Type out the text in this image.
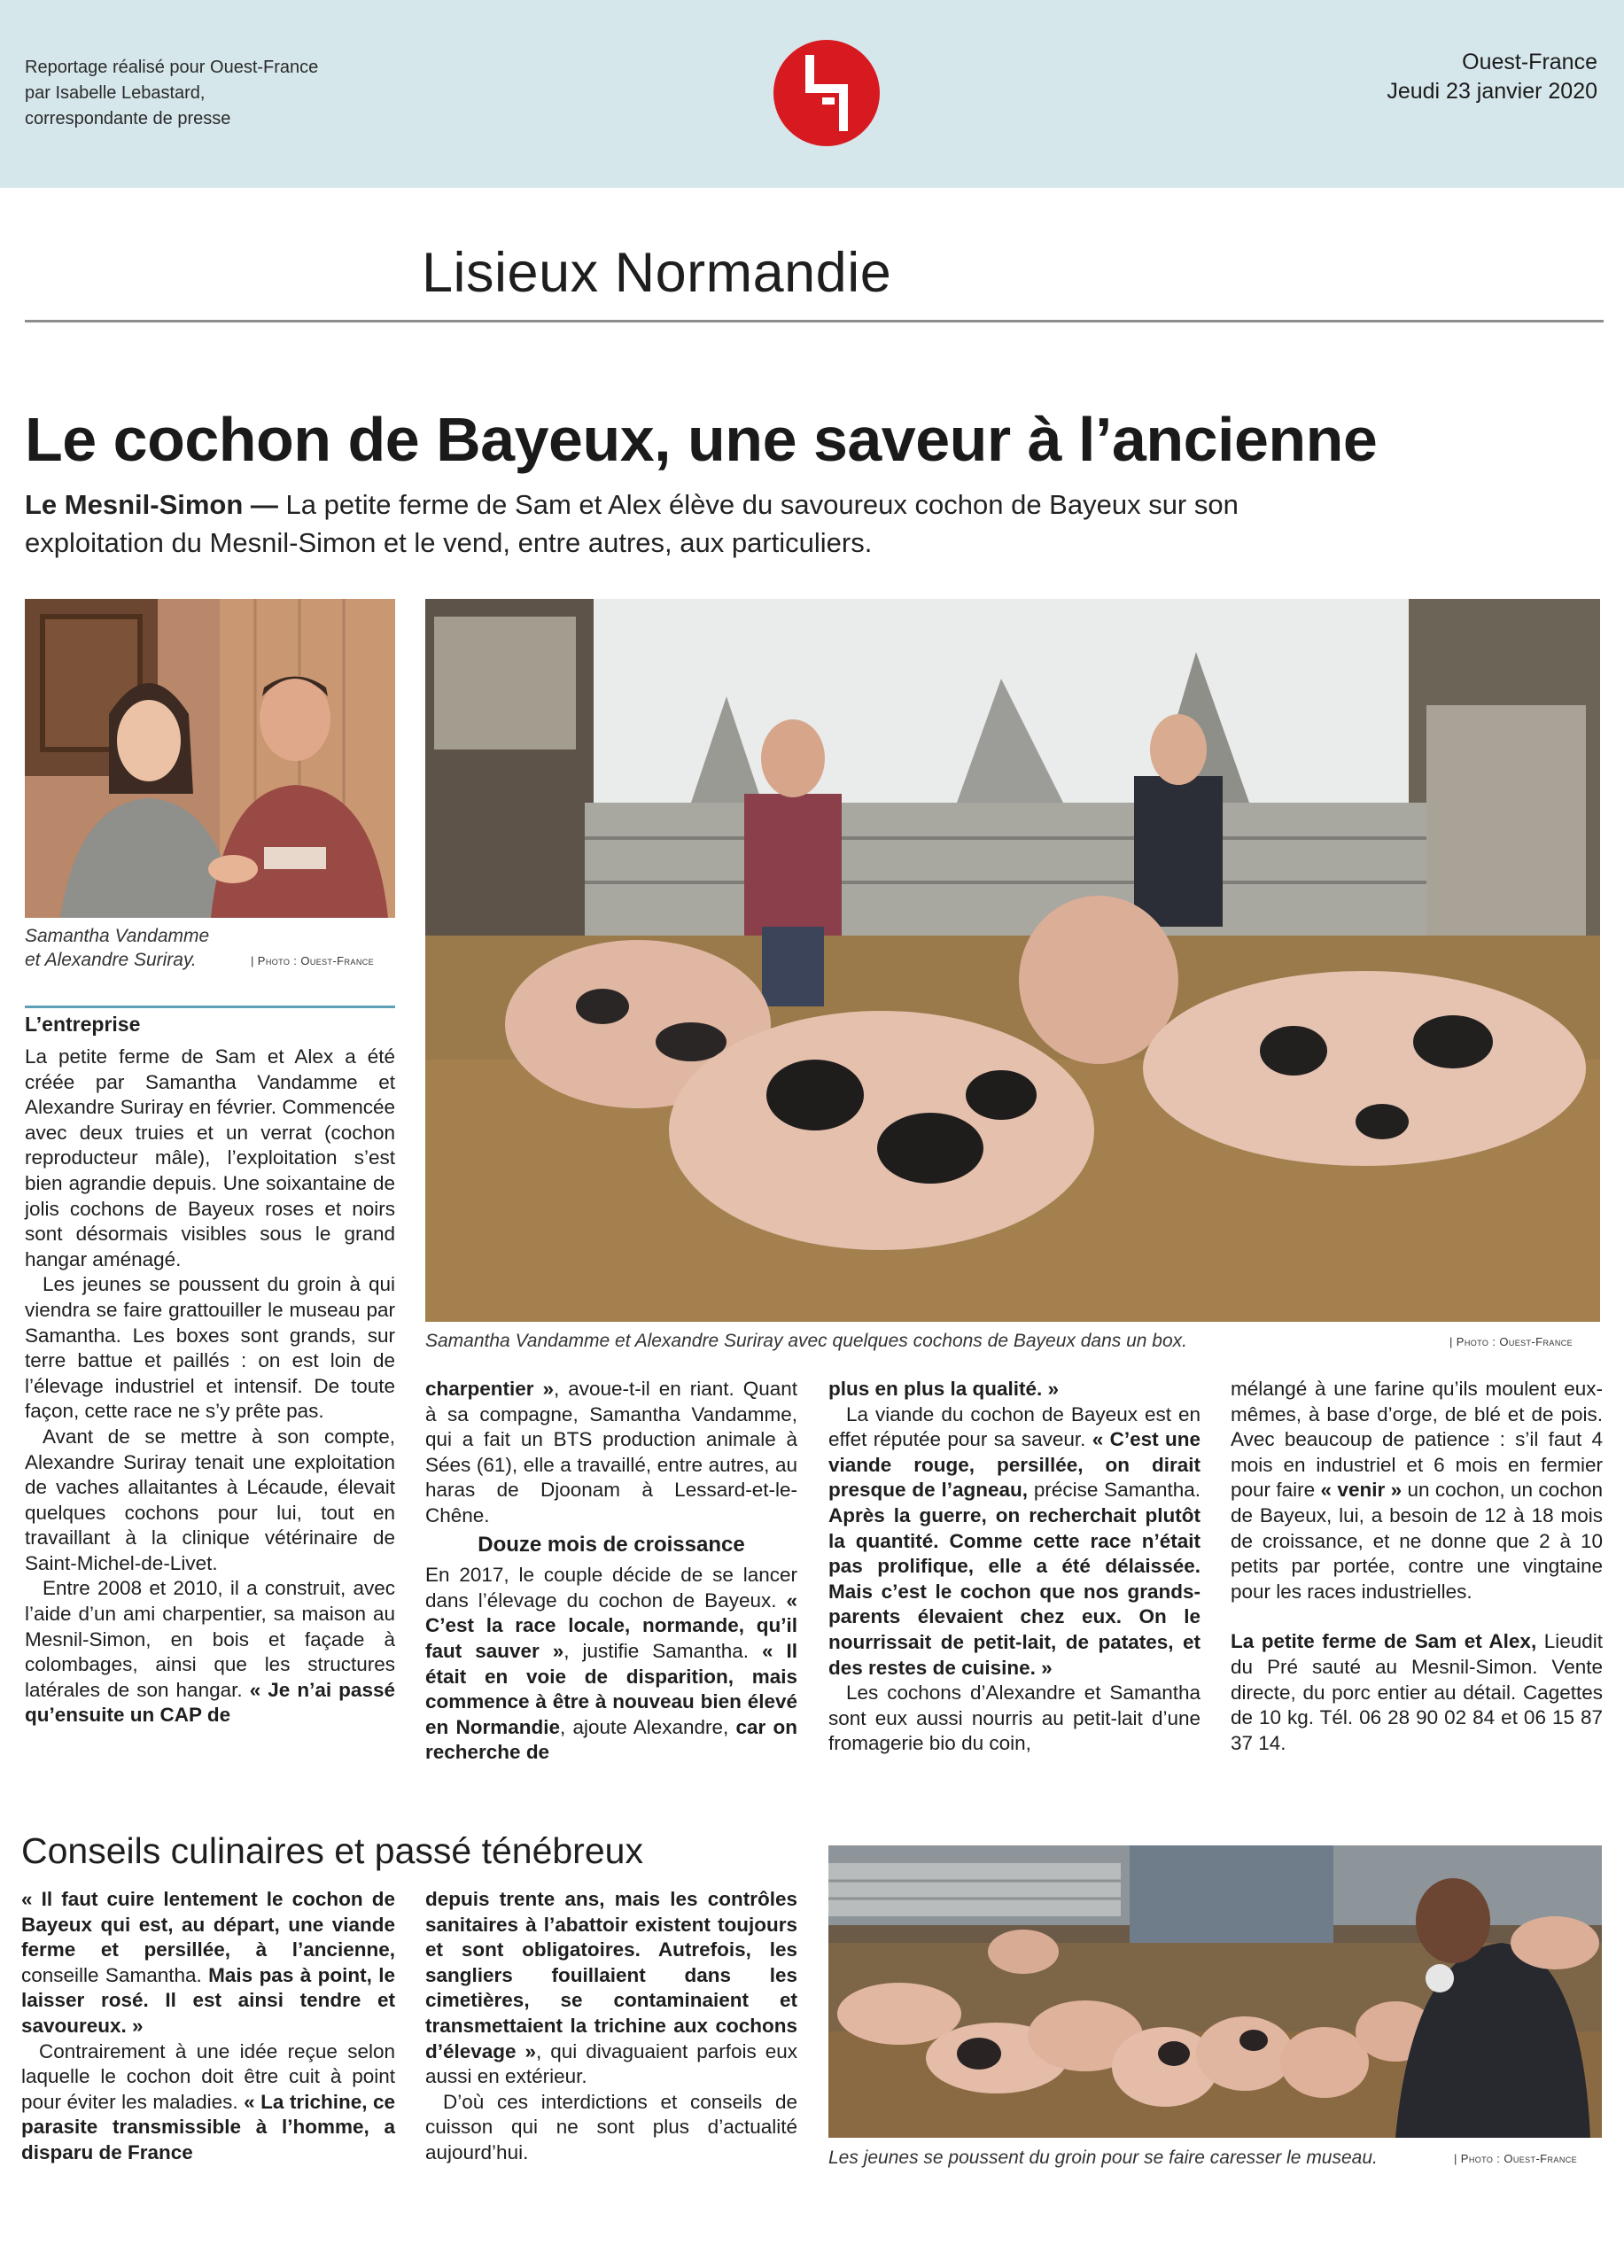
Reportage réalisé pour Ouest-France
par Isabelle Lebastard,
correspondante de presse
Ouest-France
Jeudi 23 janvier 2020
Lisieux Normandie
Le cochon de Bayeux, une saveur à l’ancienne
Le Mesnil-Simon — La petite ferme de Sam et Alex élève du savoureux cochon de Bayeux sur son exploitation du Mesnil-Simon et le vend, entre autres, aux particuliers.
Samantha Vandamme et Alexandre Suriray.	| Photo : Ouest-France
Samantha Vandamme et Alexandre Suriray avec quelques cochons de Bayeux dans un box.	| Photo : Ouest-France
L’entreprise

La petite ferme de Sam et Alex a été créée par Samantha Vandamme et Alexandre Suriray en février. Commencée avec deux truies et un verrat (cochon reproducteur mâle), l’exploitation s’est bien agrandie depuis. Une soixantaine de jolis cochons de Bayeux roses et noirs sont désormais visibles sous le grand hangar aménagé.

Les jeunes se poussent du groin à qui viendra se faire grattouiller le museau par Samantha. Les boxes sont grands, sur terre battue et paillés : on est loin de l’élevage industriel et intensif. De toute façon, cette race ne s’y prête pas.

Avant de se mettre à son compte, Alexandre Suriray tenait une exploitation de vaches allaitantes à Lécaude, élevait quelques cochons pour lui, tout en travaillant à la clinique vétérinaire de Saint-Michel-de-Livet.

Entre 2008 et 2010, il a construit, avec l’aide d’un ami charpentier, sa maison au Mesnil-Simon, en bois et façade à colombages, ainsi que les structures latérales de son hangar. « Je n’ai passé qu’ensuite un CAP de

charpentier », avoue-t-il en riant. Quant à sa compagne, Samantha Vandamme, qui a fait un BTS production animale à Sées (61), elle a travaillé, entre autres, au haras de Djoonam à Lessard-et-le-Chêne.

Douze mois de croissance

En 2017, le couple décide de se lancer dans l’élevage du cochon de Bayeux. « C’est la race locale, normande, qu’il faut sauver », justifie Samantha. « Il était en voie de disparition, mais commence à être à nouveau bien élevé en Normandie, ajoute Alexandre, car on recherche de

plus en plus la qualité. »

La viande du cochon de Bayeux est en effet réputée pour sa saveur. « C’est une viande rouge, persillée, on dirait presque de l’agneau, précise Samantha. Après la guerre, on recherchait plutôt la quantité. Comme cette race n’était pas prolifique, elle a été délaissée. Mais c’est le cochon que nos grands-parents élevaient chez eux. On le nourrissait de petit-lait, de patates, et des restes de cuisine. »

Les cochons d’Alexandre et Samantha sont eux aussi nourris au petit-lait d’une fromagerie bio du coin,

mélangé à une farine qu’ils moulent eux-mêmes, à base d’orge, de blé et de pois. Avec beaucoup de patience : s’il faut 4 mois en industriel et 6 mois en fermier pour faire « venir » un cochon, un cochon de Bayeux, lui, a besoin de 12 à 18 mois de croissance, et ne donne que 2 à 10 petits par portée, contre une vingtaine pour les races industrielles.

La petite ferme de Sam et Alex, Lieudit du Pré sauté au Mesnil-Simon. Vente directe, du porc entier au détail. Cagettes de 10 kg. Tél. 06 28 90 02 84 et 06 15 87 37 14.

Conseils culinaires et passé ténébreux

« Il faut cuire lentement le cochon de Bayeux qui est, au départ, une viande ferme et persillée, à l’ancienne, conseille Samantha. Mais pas à point, le laisser rosé. Il est ainsi tendre et savoureux. »

Contrairement à une idée reçue selon laquelle le cochon doit être cuit à point pour éviter les maladies. « La trichine, ce parasite transmissible à l’homme, a disparu de France

depuis trente ans, mais les contrôles sanitaires à l’abattoir existent toujours et sont obligatoires. Autrefois, les sangliers fouillaient dans les cimetières, se contaminaient et transmettaient la trichine aux cochons d’élevage », qui divaguaient parfois eux aussi en extérieur.

D’où ces interdictions et conseils de cuisson qui ne sont plus d’actualité aujourd’hui.	Les jeunes se poussent du groin pour se faire caresser le museau.	| Photo : Ouest-France
